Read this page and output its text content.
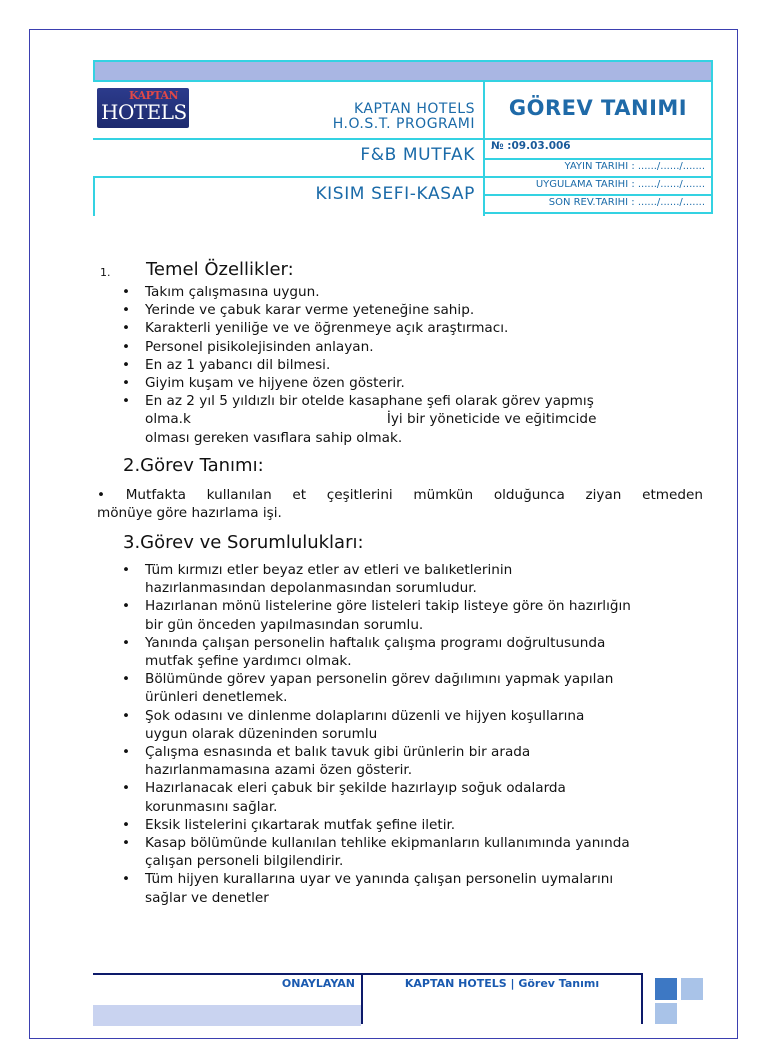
KAPTAN
HOTELS	KAPTAN HOTELS
H.O.S.T. PROGRAMI
GÖREV TANIMI
F&B MUTFAK № :09.03.006
YAYIN TARIHI : ....../....../.......
KISIM SEFI-KASAP	UYGULAMA TARIHI : ....../....../.......
SON REV.TARIHI : ....../....../.......
1. Temel Özellikler:
• Takım çalışmasına uygun.
• Yerinde ve çabuk karar verme yeteneğine sahip.
• Karakterli yeniliğe ve ve öğrenmeye açık araştırmacı.
• Personel pisikolejisinden anlayan.
• En az 1 yabancı dil bilmesi.
• Giyim kuşam ve hijyene özen gösterir.
• En az 2 yıl 5 yıldızlı bir otelde kasaphane şefi olarak görev yapmış
olma.k	İyi bir yöneticide ve eğitimcide
olması gereken vasıflara sahip olmak.
2.Görev Tanımı:
• Mutfakta kullanılan et çeşitlerini mümkün olduğunca ziyan etmeden
mönüye göre hazırlama işi.
3.Görev ve Sorumlulukları:
• Tüm kırmızı etler beyaz etler av etleri ve balıketlerinin
hazırlanmasından depolanmasından sorumludur.
• Hazırlanan mönü listelerine göre listeleri takip listeye göre ön hazırlığın
bir gün önceden yapılmasından sorumlu.
• Yanında çalışan personelin haftalık çalışma programı doğrultusunda
mutfak şefine yardımcı olmak.
• Bölümünde görev yapan personelin görev dağılımını yapmak yapılan
ürünleri denetlemek.
• Şok odasını ve dinlenme dolaplarını düzenli ve hijyen koşullarına
uygun olarak düzeninden sorumlu
• Çalışma esnasında et balık tavuk gibi ürünlerin bir arada
hazırlanmamasına azami özen gösterir.
• Hazırlanacak eleri çabuk bir şekilde hazırlayıp soğuk odalarda
korunmasını sağlar.
• Eksik listelerini çıkartarak mutfak şefine iletir.
• Kasap bölümünde kullanılan tehlike ekipmanların kullanımında yanında
çalışan personeli bilgilendirir.
• Tüm hijyen kurallarına uyar ve yanında çalışan personelin uymalarını
sağlar ve denetler
ONAYLAYAN	KAPTAN HOTELS | Görev Tanımı
